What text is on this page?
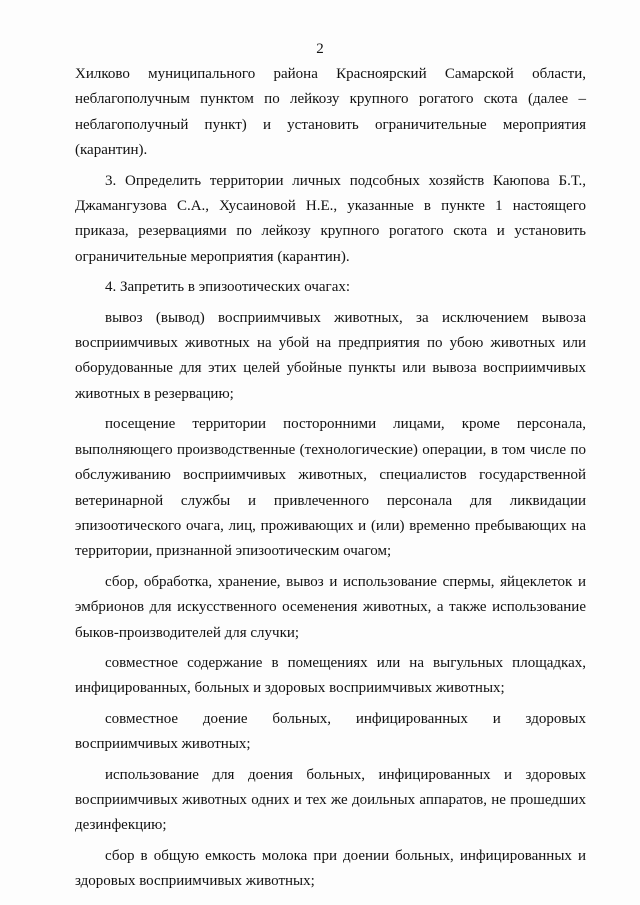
2

Хилково муниципального района Красноярский Самарской области, неблагополучным пунктом по лейкозу крупного рогатого скота (далее – неблагополучный пункт) и установить ограничительные мероприятия (карантин).

3. Определить территории личных подсобных хозяйств Каюпова Б.Т., Джамангузова С.А., Хусаиновой Н.Е., указанные в пункте 1 настоящего приказа, резервациями по лейкозу крупного рогатого скота и установить ограничительные мероприятия (карантин).

4. Запретить в эпизоотических очагах:

вывоз (вывод) восприимчивых животных, за исключением вывоза восприимчивых животных на убой на предприятия по убою животных или оборудованные для этих целей убойные пункты или вывоза восприимчивых животных в резервацию;

посещение территории посторонними лицами, кроме персонала, выполняющего производственные (технологические) операции, в том числе по обслуживанию восприимчивых животных, специалистов государственной ветеринарной службы и привлеченного персонала для ликвидации эпизоотического очага, лиц, проживающих и (или) временно пребывающих на территории, признанной эпизоотическим очагом;

сбор, обработка, хранение, вывоз и использование спермы, яйцеклеток и эмбрионов для искусственного осеменения животных, а также использование быков-производителей для случки;

совместное содержание в помещениях или на выгульных площадках, инфицированных, больных и здоровых восприимчивых животных;

совместное доение больных, инфицированных и здоровых восприимчивых животных;

использование для доения больных, инфицированных и здоровых восприимчивых животных одних и тех же доильных аппаратов, не прошедших дезинфекцию;

сбор в общую емкость молока при доении больных, инфицированных и здоровых восприимчивых животных;
